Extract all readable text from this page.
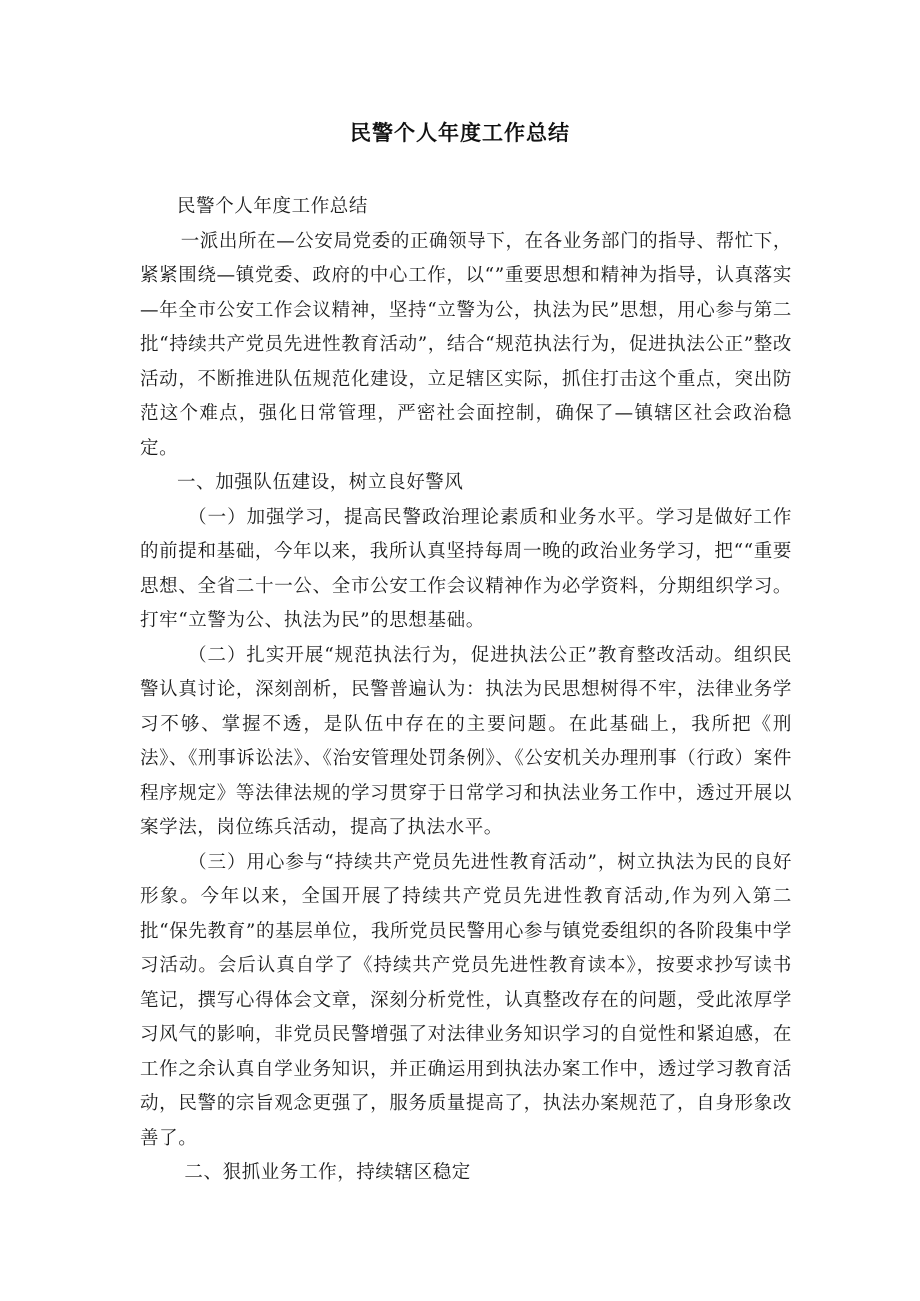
民警个人年度工作总结

民警个人年度工作总结

一派出所在—公安局党委的正确领导下，在各业务部门的指导、帮忙下，紧紧围绕—镇党委、政府的中心工作，以“”重要思想和精神为指导，认真落实—年全市公安工作会议精神，坚持“立警为公，执法为民”思想，用心参与第二批“持续共产党员先进性教育活动”，结合“规范执法行为，促进执法公正”整改活动，不断推进队伍规范化建设，立足辖区实际，抓住打击这个重点，突出防范这个难点，强化日常管理，严密社会面控制，确保了—镇辖区社会政治稳定。

一、加强队伍建设，树立良好警风

（一）加强学习，提高民警政治理论素质和业务水平。学习是做好工作的前提和基础，今年以来，我所认真坚持每周一晚的政治业务学习，把““重要思想、全省二十一公、全市公安工作会议精神作为必学资料，分期组织学习。打牢“立警为公、执法为民”的思想基础。

（二）扎实开展“规范执法行为，促进执法公正”教育整改活动。组织民警认真讨论，深刻剖析，民警普遍认为：执法为民思想树得不牢，法律业务学习不够、掌握不透，是队伍中存在的主要问题。在此基础上，我所把《刑法》、《刑事诉讼法》、《治安管理处罚条例》、《公安机关办理刑事（行政）案件程序规定》等法律法规的学习贯穿于日常学习和执法业务工作中，透过开展以案学法，岗位练兵活动，提高了执法水平。

（三）用心参与“持续共产党员先进性教育活动”，树立执法为民的良好形象。今年以来，全国开展了持续共产党员先进性教育活动,作为列入第二批“保先教育”的基层单位，我所党员民警用心参与镇党委组织的各阶段集中学习活动。会后认真自学了《持续共产党员先进性教育读本》，按要求抄写读书笔记，撰写心得体会文章，深刻分析党性，认真整改存在的问题，受此浓厚学习风气的影响，非党员民警增强了对法律业务知识学习的自觉性和紧迫感，在工作之余认真自学业务知识，并正确运用到执法办案工作中，透过学习教育活动，民警的宗旨观念更强了，服务质量提高了，执法办案规范了，自身形象改善了。

二、狠抓业务工作，持续辖区稳定
